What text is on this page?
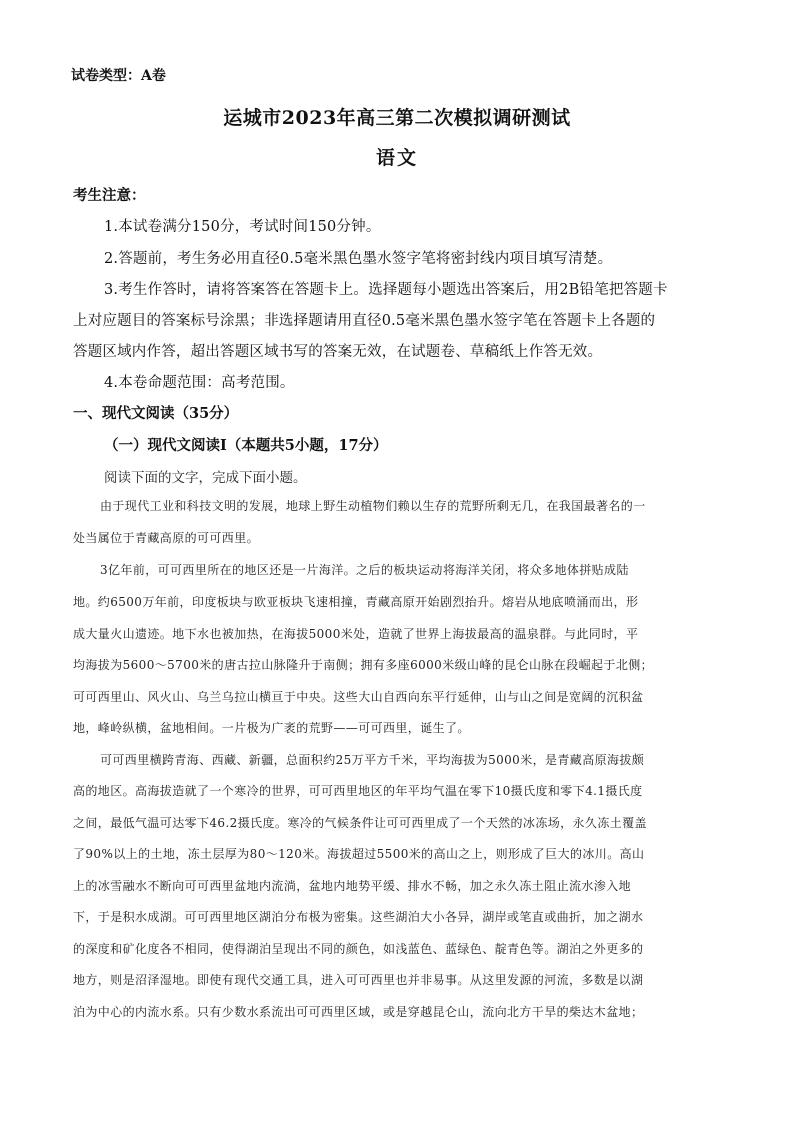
试卷类型：A卷
运城市2023年高三第二次模拟调研测试
语文
考生注意：
1.本试卷满分150分，考试时间150分钟。
2.答题前，考生务必用直径0.5毫米黑色墨水签字笔将密封线内项目填写清楚。
3.考生作答时，请将答案答在答题卡上。选择题每小题选出答案后，用2B铅笔把答题卡
上对应题目的答案标号涂黑；非选择题请用直径0.5毫米黑色墨水签字笔在答题卡上各题的
答题区域内作答，超出答题区域书写的答案无效，在试题卷、草稿纸上作答无效。
4.本卷命题范围：高考范围。
一、现代文阅读（35分）
（一）现代文阅读Ⅰ（本题共5小题，17分）
阅读下面的文字，完成下面小题。
由于现代工业和科技文明的发展，地球上野生动植物们赖以生存的荒野所剩无几，在我国最著名的一
处当属位于青藏高原的可可西里。
3亿年前，可可西里所在的地区还是一片海洋。之后的板块运动将海洋关闭，将众多地体拼贴成陆
地。约6500万年前，印度板块与欧亚板块飞速相撞，青藏高原开始剧烈抬升。熔岩从地底喷涌而出，形
成大量火山遗迹。地下水也被加热，在海拔5000米处，造就了世界上海拔最高的温泉群。与此同时，平
均海拔为5600～5700米的唐古拉山脉隆升于南侧；拥有多座6000米级山峰的昆仑山脉在段崛起于北侧；
可可西里山、风火山、乌兰乌拉山横亘于中央。这些大山自西向东平行延伸，山与山之间是宽阔的沉积盆
地，峰岭纵横，盆地相间。一片极为广袤的荒野——可可西里，诞生了。
可可西里横跨青海、西藏、新疆，总面积约25万平方千米，平均海拔为5000米，是青藏高原海拔颇
高的地区。高海拔造就了一个寒冷的世界，可可西里地区的年平均气温在零下10摄氏度和零下4.1摄氏度
之间，最低气温可达零下46.2摄氏度。寒冷的气候条件让可可西里成了一个天然的冰冻场，永久冻土覆盖
了90%以上的土地，冻土层厚为80～120米。海拔超过5500米的高山之上，则形成了巨大的冰川。高山
上的冰雪融水不断向可可西里盆地内流淌，盆地内地势平缓、排水不畅，加之永久冻土阻止流水渗入地
下，于是积水成湖。可可西里地区湖泊分布极为密集。这些湖泊大小各异，湖岸或笔直或曲折，加之湖水
的深度和矿化度各不相同，使得湖泊呈现出不同的颜色，如浅蓝色、蓝绿色、靛青色等。湖泊之外更多的
地方，则是沼泽湿地。即使有现代交通工具，进入可可西里也并非易事。从这里发源的河流，多数是以湖
泊为中心的内流水系。只有少数水系流出可可西里区域，或是穿越昆仑山，流向北方干旱的柴达木盆地；
